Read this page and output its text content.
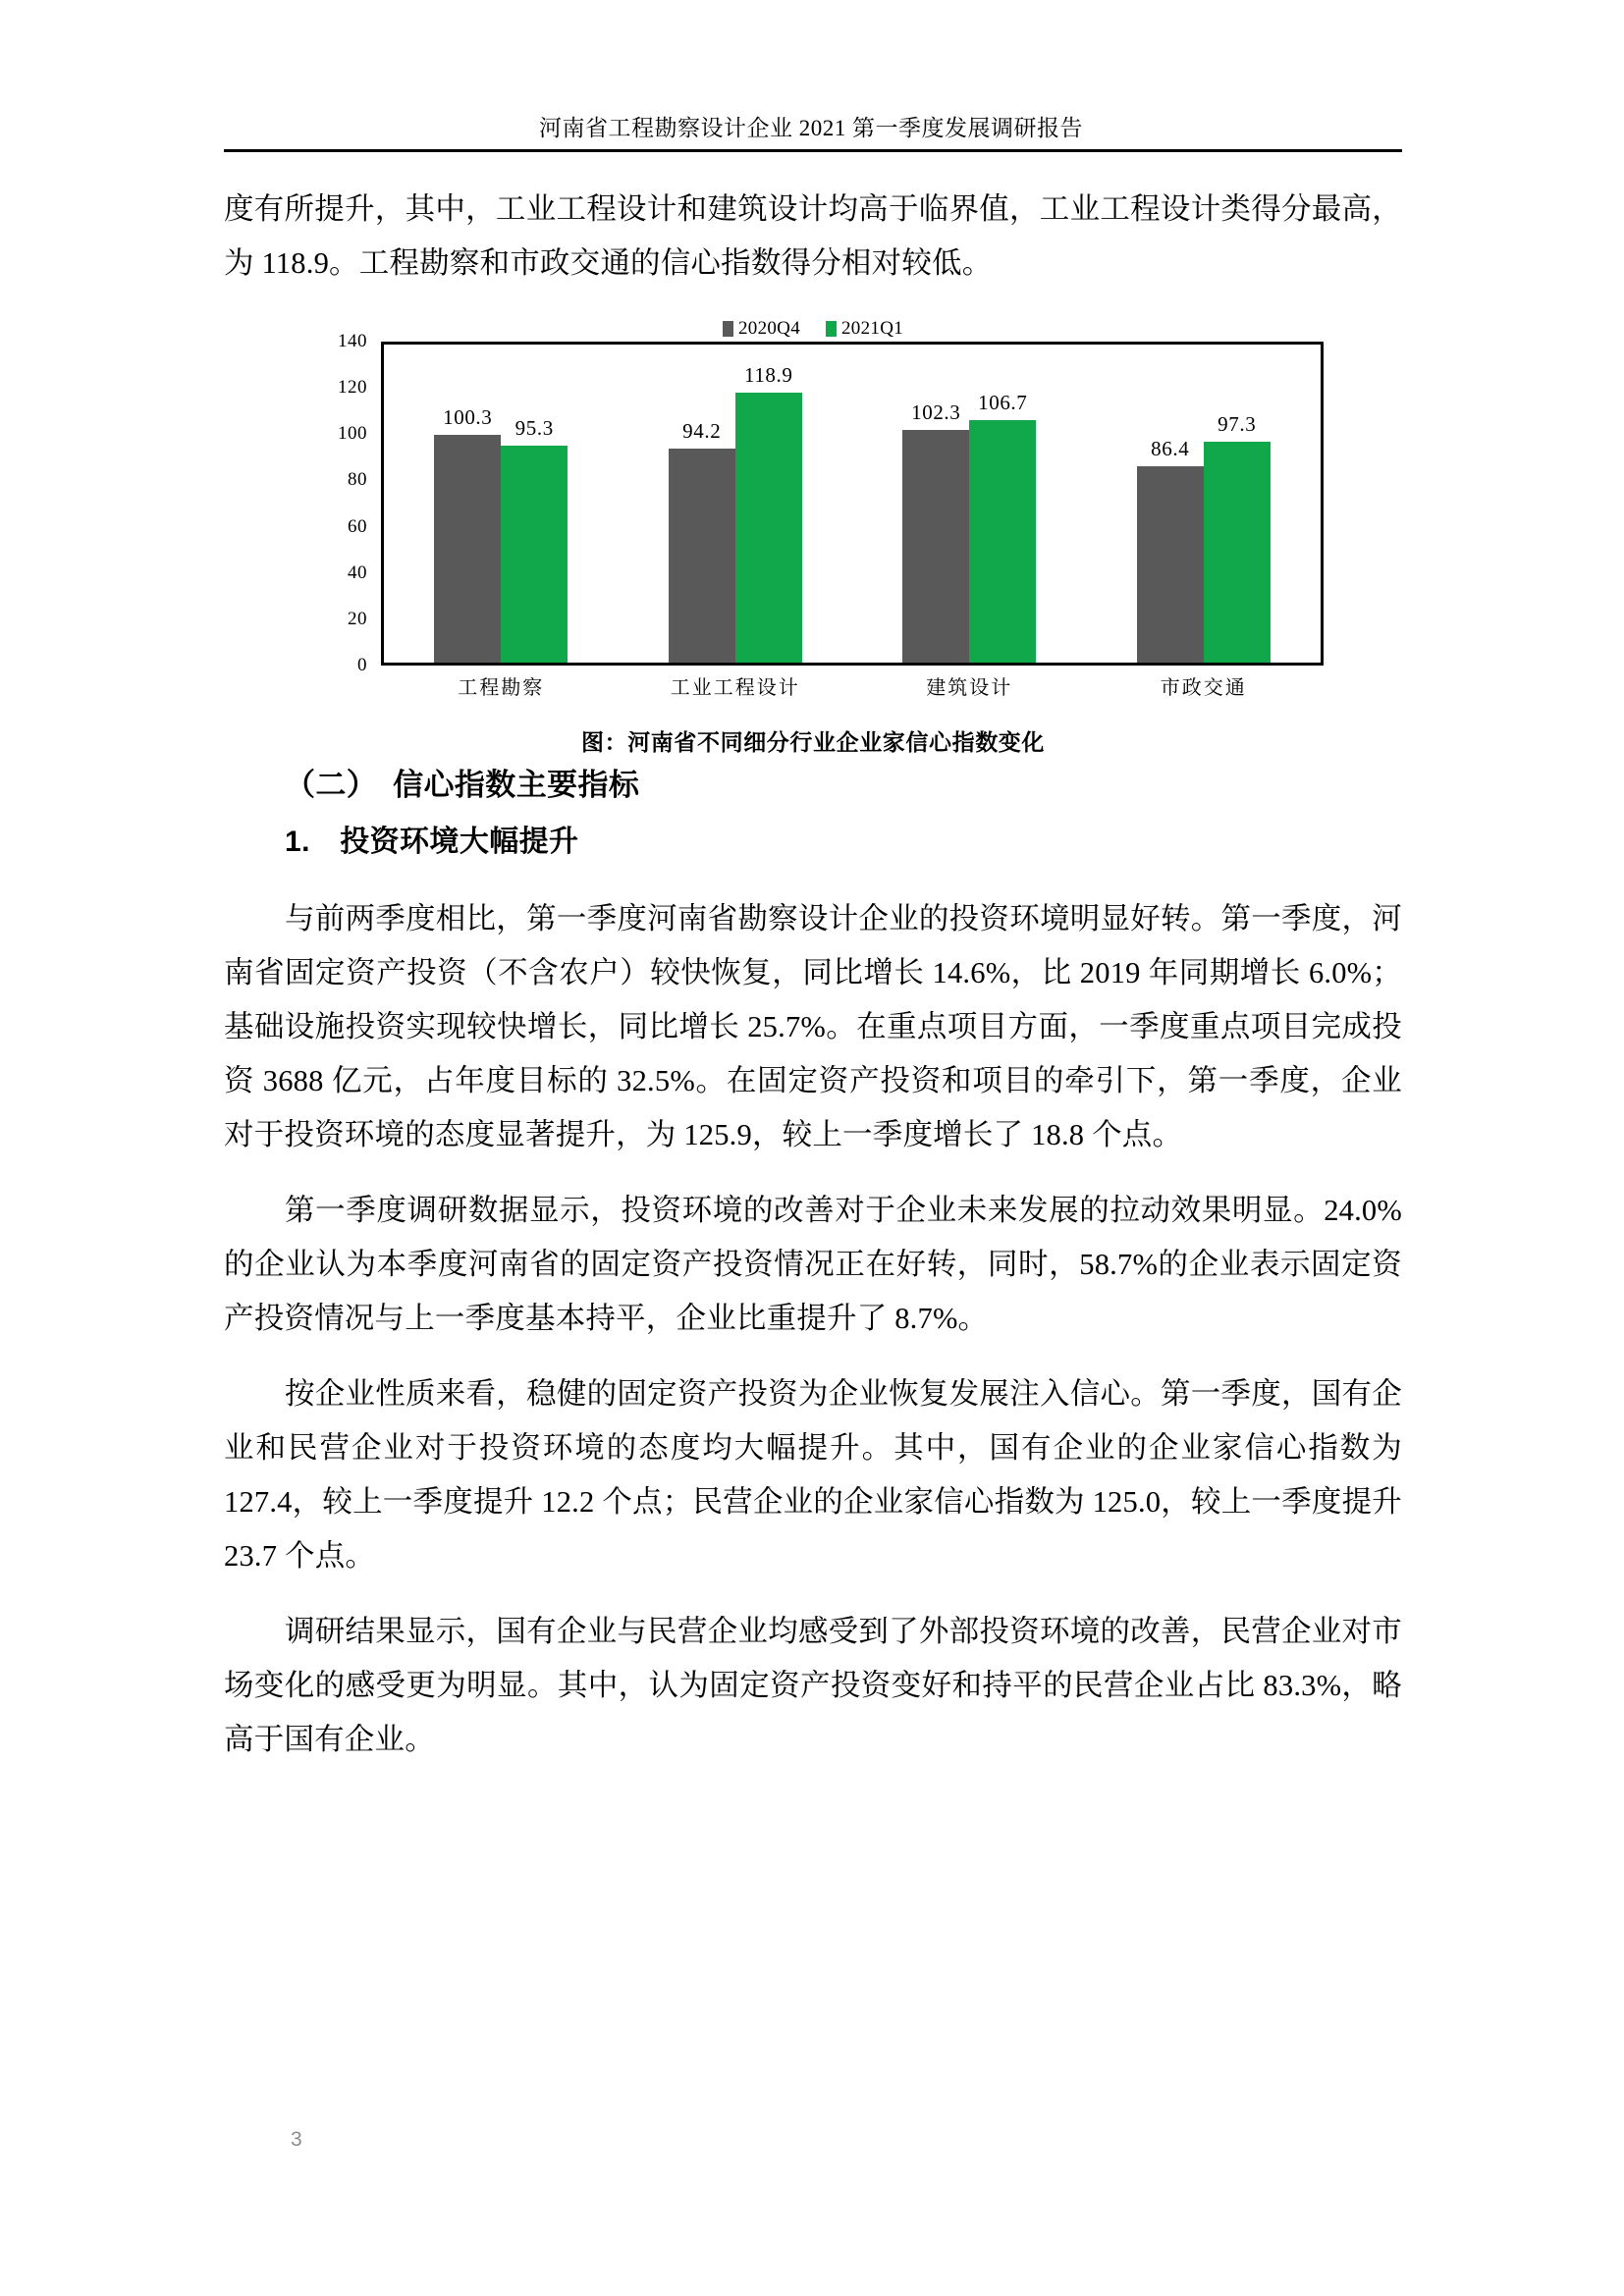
河南省工程勘察设计企业 2021 第一季度发展调研报告

度有所提升，其中，工业工程设计和建筑设计均高于临界值，工业工程设计类得分最高，为 118.9。工程勘察和市政交通的信心指数得分相对较低。

2020Q4 2021Q1
0
20
40
60
80
100
120
140
100.3 95.3	94.2
118.9
102.3 106.7
86.4
97.3
工程勘察	工业工程设计	建筑设计	市政交通
图：河南省不同细分行业企业家信心指数变化
（二）　信心指数主要指标
1.　投资环境大幅提升

与前两季度相比，第一季度河南省勘察设计企业的投资环境明显好转。第一季度，河南省固定资产投资（不含农户）较快恢复，同比增长 14.6%，比 2019 年同期增长 6.0%；基础设施投资实现较快增长，同比增长 25.7%。在重点项目方面，一季度重点项目完成投资 3688 亿元，占年度目标的 32.5%。在固定资产投资和项目的牵引下，第一季度，企业对于投资环境的态度显著提升，为 125.9，较上一季度增长了 18.8 个点。

第一季度调研数据显示，投资环境的改善对于企业未来发展的拉动效果明显。24.0%的企业认为本季度河南省的固定资产投资情况正在好转，同时，58.7%的企业表示固定资产投资情况与上一季度基本持平，企业比重提升了 8.7%。

按企业性质来看，稳健的固定资产投资为企业恢复发展注入信心。第一季度，国有企业和民营企业对于投资环境的态度均大幅提升。其中，国有企业的企业家信心指数为 127.4，较上一季度提升 12.2 个点；民营企业的企业家信心指数为 125.0，较上一季度提升 23.7 个点。

调研结果显示，国有企业与民营企业均感受到了外部投资环境的改善，民营企业对市场变化的感受更为明显。其中，认为固定资产投资变好和持平的民营企业占比 83.3%，略高于国有企业。

3
